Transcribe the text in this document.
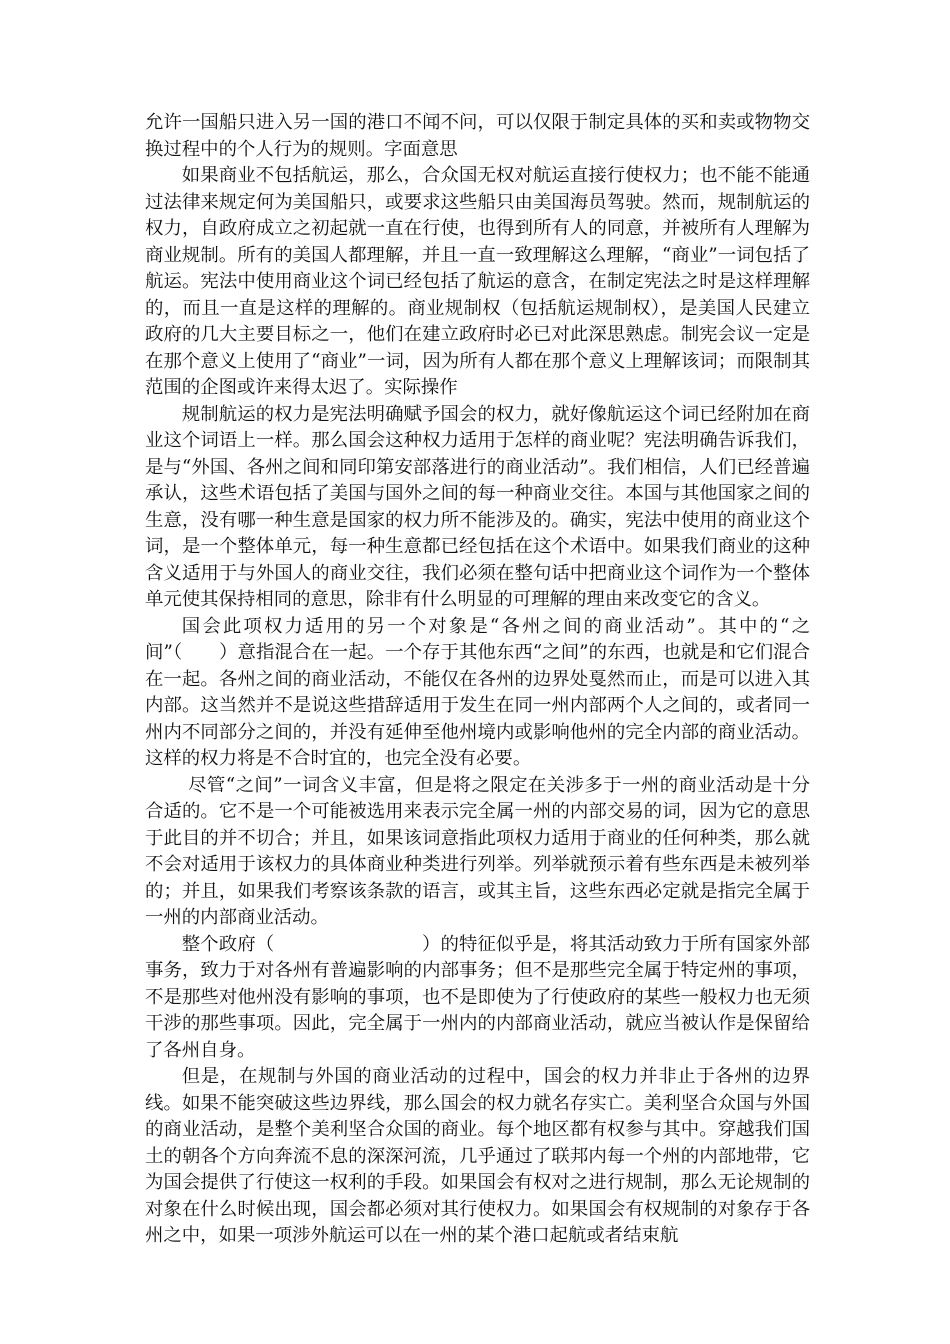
允许一国船只进入另一国的港口不闻不问，可以仅限于制定具体的买和卖或物物交换过程中的个人行为的规则。字面意思

如果商业不包括航运，那么，合众国无权对航运直接行使权力；也不能不能通过法律来规定何为美国船只，或要求这些船只由美国海员驾驶。然而，规制航运的权力，自政府成立之初起就一直在行使，也得到所有人的同意，并被所有人理解为商业规制。所有的美国人都理解，并且一直一致理解这么理解，“商业”一词包括了航运。宪法中使用商业这个词已经包括了航运的意含，在制定宪法之时是这样理解的，而且一直是这样的理解的。商业规制权（包括航运规制权），是美国人民建立政府的几大主要目标之一，他们在建立政府时必已对此深思熟虑。制宪会议一定是在那个意义上使用了“商业”一词，因为所有人都在那个意义上理解该词；而限制其范围的企图或许来得太迟了。实际操作

规制航运的权力是宪法明确赋予国会的权力，就好像航运这个词已经附加在商业这个词语上一样。那么国会这种权力适用于怎样的商业呢？宪法明确告诉我们，是与“外国、各州之间和同印第安部落进行的商业活动”。我们相信，人们已经普遍承认，这些术语包括了美国与国外之间的每一种商业交往。本国与其他国家之间的生意，没有哪一种生意是国家的权力所不能涉及的。确实，宪法中使用的商业这个词，是一个整体单元，每一种生意都已经包括在这个术语中。如果我们商业的这种含义适用于与外国人的商业交往，我们必须在整句话中把商业这个词作为一个整体单元使其保持相同的意思，除非有什么明显的可理解的理由来改变它的含义。

国会此项权力适用的另一个对象是“各州之间的商业活动”。其中的“之间”（　　）意指混合在一起。一个存于其他东西“之间”的东西，也就是和它们混合在一起。各州之间的商业活动，不能仅在各州的边界处戛然而止，而是可以进入其内部。这当然并不是说这些措辞适用于发生在同一州内部两个人之间的，或者同一州内不同部分之间的，并没有延伸至他州境内或影响他州的完全内部的商业活动。这样的权力将是不合时宜的，也完全没有必要。

尽管“之间”一词含义丰富，但是将之限定在关涉多于一州的商业活动是十分合适的。它不是一个可能被选用来表示完全属一州的内部交易的词，因为它的意思于此目的并不切合；并且，如果该词意指此项权力适用于商业的任何种类，那么就不会对适用于该权力的具体商业种类进行列举。列举就预示着有些东西是未被列举的；并且，如果我们考察该条款的语言，或其主旨，这些东西必定就是指完全属于一州的内部商业活动。

整个政府（　　　　　　　　）的特征似乎是，将其活动致力于所有国家外部事务，致力于对各州有普遍影响的内部事务；但不是那些完全属于特定州的事项，不是那些对他州没有影响的事项，也不是即使为了行使政府的某些一般权力也无须干涉的那些事项。因此，完全属于一州内的内部商业活动，就应当被认作是保留给了各州自身。

但是，在规制与外国的商业活动的过程中，国会的权力并非止于各州的边界线。如果不能突破这些边界线，那么国会的权力就名存实亡。美利坚合众国与外国的商业活动，是整个美利坚合众国的商业。每个地区都有权参与其中。穿越我们国土的朝各个方向奔流不息的深深河流，几乎通过了联邦内每一个州的内部地带，它为国会提供了行使这一权利的手段。如果国会有权对之进行规制，那么无论规制的对象在什么时候出现，国会都必须对其行使权力。如果国会有权规制的对象存于各州之中，如果一项涉外航运可以在一州的某个港口起航或者结束航
